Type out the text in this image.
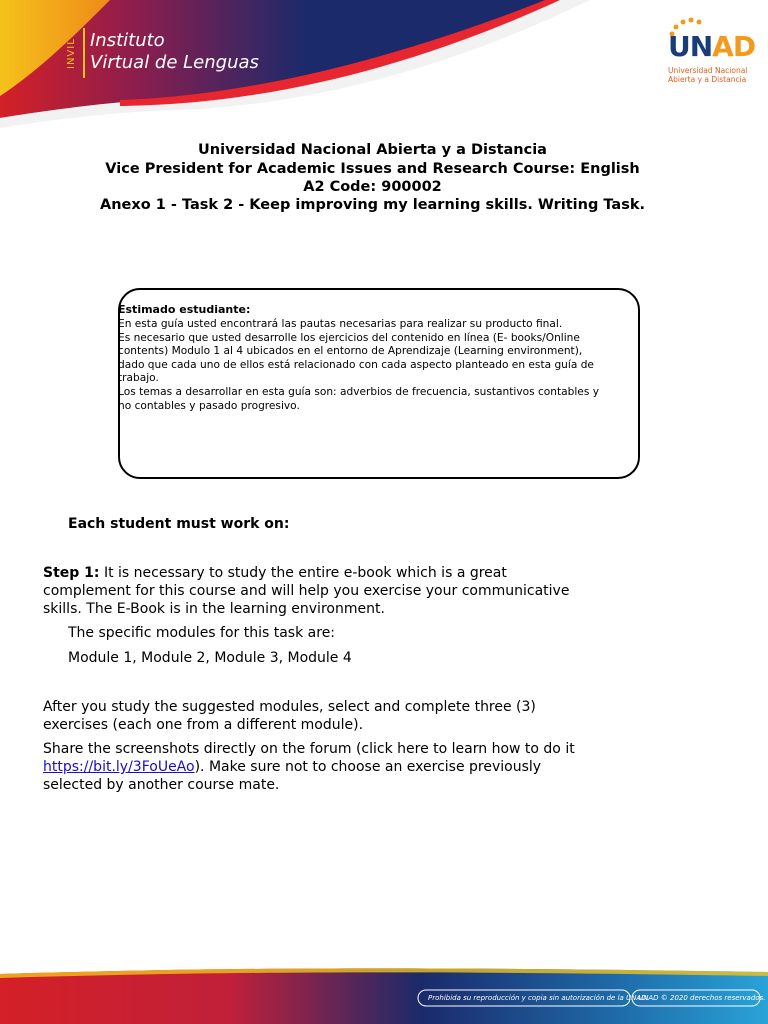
INVIL Instituto
Virtual de Lenguas	UNAD
Universidad Nacional
Abierta y a Distancia
Universidad Nacional Abierta y a Distancia
Vice President for Academic Issues and Research Course: English
A2 Code: 900002
Anexo 1 - Task 2 - Keep improving my learning skills. Writing Task.
Estimado estudiante:
En esta guía usted encontrará las pautas necesarias para realizar su producto final.
Es necesario que usted desarrolle los ejercicios del contenido en línea (E- books/Online
contents) Modulo 1 al 4 ubicados en el entorno de Aprendizaje (Learning environment),
dado que cada uno de ellos está relacionado con cada aspecto planteado en esta guía de
trabajo.
Los temas a desarrollar en esta guía son: adverbios de frecuencia, sustantivos contables y
no contables y pasado progresivo.
Each student must work on:
Step 1: It is necessary to study the entire e-book which is a great
complement for this course and will help you exercise your communicative
skills. The E-Book is in the learning environment.
The specific modules for this task are:
Module 1, Module 2, Module 3, Module 4
After you study the suggested modules, select and complete three (3)
exercises (each one from a different module).
Share the screenshots directly on the forum (click here to learn how to do it
https://bit.ly/3FoUeAo). Make sure not to choose an exercise previously
selected by another course mate.
Prohibida su reproducción y copia sin autorización de la UNAD.
UNAD © 2020 derechos reservados.
